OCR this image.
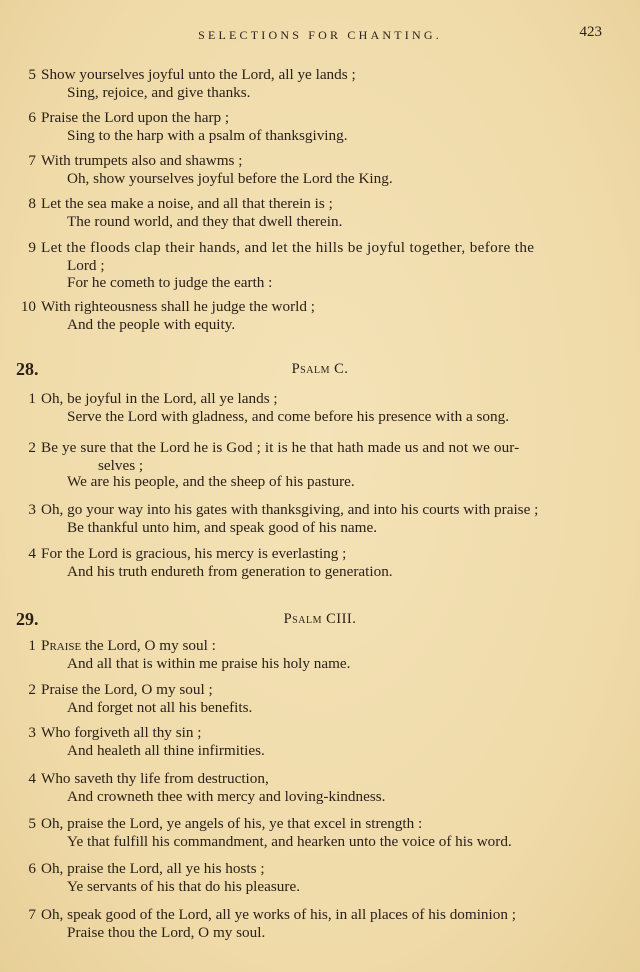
SELECTIONS FOR CHANTING.	423
5 Show yourselves joyful unto the Lord, all ye lands ;
Sing, rejoice, and give thanks.
6 Praise the Lord upon the harp ;
Sing to the harp with a psalm of thanksgiving.
7 With trumpets also and shawms ;
Oh, show yourselves joyful before the Lord the King.
8 Let the sea make a noise, and all that therein is ;
The round world, and they that dwell therein.
9 Let the floods clap their hands, and let the hills be joyful together, before the
Lord ;
For he cometh to judge the earth :
10 With righteousness shall he judge the world ;
And the people with equity.
28.	Psalm C.
1 Oh, be joyful in the Lord, all ye lands ;
Serve the Lord with gladness, and come before his presence with a song.
2 Be ye sure that the Lord he is God ; it is he that hath made us and not we our-
selves ;
We are his people, and the sheep of his pasture.
3 Oh, go your way into his gates with thanksgiving, and into his courts with praise ;
Be thankful unto him, and speak good of his name.
4 For the Lord is gracious, his mercy is everlasting ;
And his truth endureth from generation to generation.
29.	Psalm CIII.
1 Praise the Lord, O my soul :
And all that is within me praise his holy name.
2 Praise the Lord, O my soul ;
And forget not all his benefits.
3 Who forgiveth all thy sin ;
And healeth all thine infirmities.
4 Who saveth thy life from destruction,
And crowneth thee with mercy and loving-kindness.
5 Oh, praise the Lord, ye angels of his, ye that excel in strength :
Ye that fulfill his commandment, and hearken unto the voice of his word.
6 Oh, praise the Lord, all ye his hosts ;
Ye servants of his that do his pleasure.
7 Oh, speak good of the Lord, all ye works of his, in all places of his dominion ;
Praise thou the Lord, O my soul.
